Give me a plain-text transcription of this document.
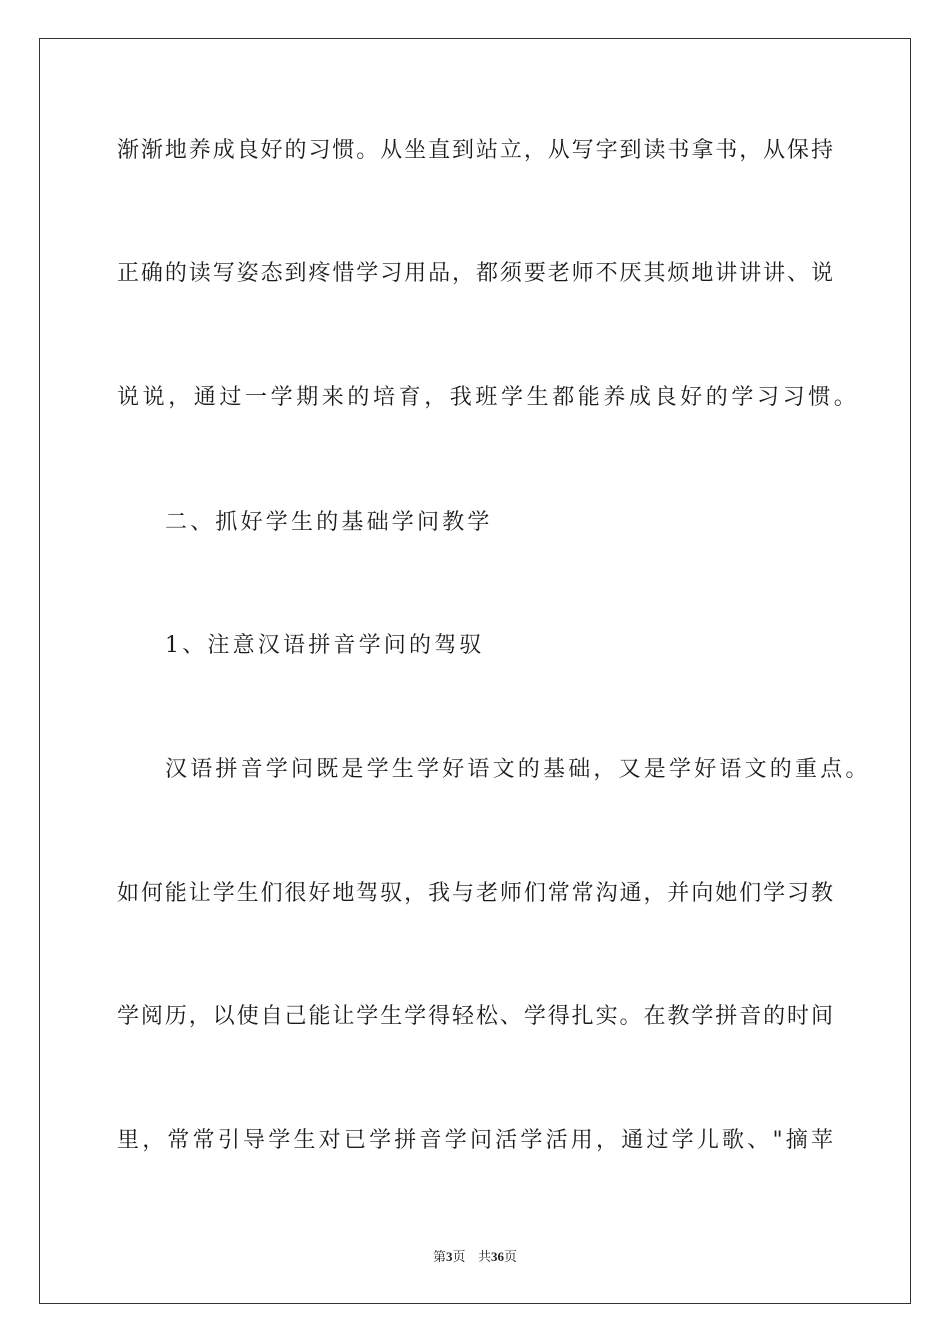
渐渐地养成良好的习惯。从坐直到站立，从写字到读书拿书，从保持
正确的读写姿态到疼惜学习用品，都须要老师不厌其烦地讲讲讲、说
说说，通过一学期来的培育，我班学生都能养成良好的学习习惯。
二、抓好学生的基础学问教学
1、注意汉语拼音学问的驾驭
汉语拼音学问既是学生学好语文的基础，又是学好语文的重点。
如何能让学生们很好地驾驭，我与老师们常常沟通，并向她们学习教
学阅历，以使自己能让学生学得轻松、学得扎实。在教学拼音的时间
里，常常引导学生对已学拼音学问活学活用，通过学儿歌、"摘苹
第3页 共36页
